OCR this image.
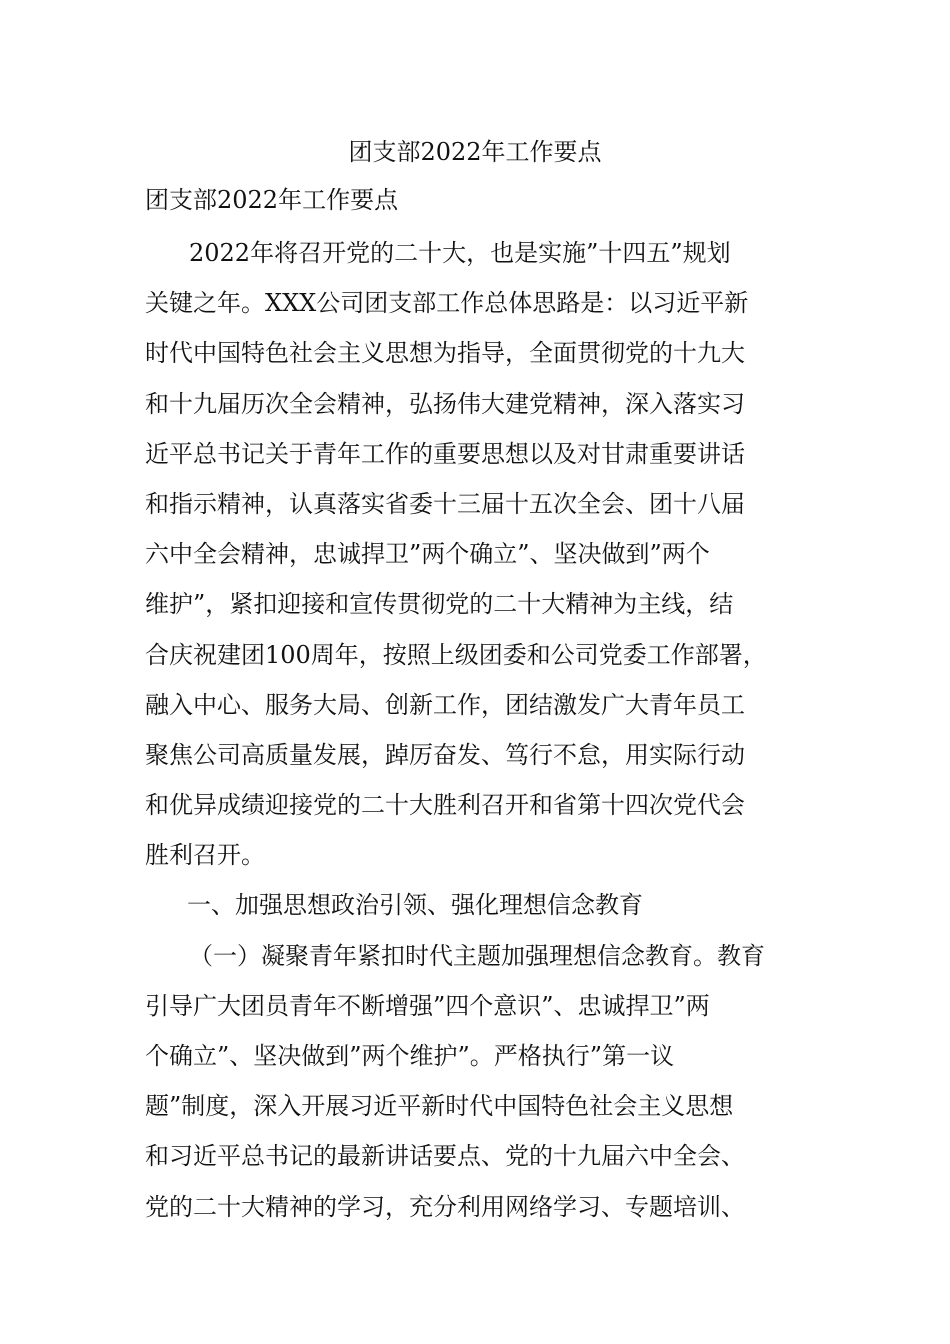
团支部2022年工作要点
团支部2022年工作要点
2022年将召开党的二十大，也是实施”十四五”规划
关键之年。XXX公司团支部工作总体思路是：以习近平新
时代中国特色社会主义思想为指导，全面贯彻党的十九大
和十九届历次全会精神，弘扬伟大建党精神，深入落实习
近平总书记关于青年工作的重要思想以及对甘肃重要讲话
和指示精神，认真落实省委十三届十五次全会、团十八届
六中全会精神，忠诚捍卫”两个确立”、坚决做到”两个
维护”，紧扣迎接和宣传贯彻党的二十大精神为主线，结
合庆祝建团100周年，按照上级团委和公司党委工作部署，
融入中心、服务大局、创新工作，团结激发广大青年员工
聚焦公司高质量发展，踔厉奋发、笃行不怠，用实际行动
和优异成绩迎接党的二十大胜利召开和省第十四次党代会
胜利召开。
一、加强思想政治引领、强化理想信念教育
（一）凝聚青年紧扣时代主题加强理想信念教育。教育
引导广大团员青年不断增强”四个意识”、忠诚捍卫”两
个确立”、坚决做到”两个维护”。严格执行”第一议
题”制度，深入开展习近平新时代中国特色社会主义思想
和习近平总书记的最新讲话要点、党的十九届六中全会、
党的二十大精神的学习，充分利用网络学习、专题培训、
